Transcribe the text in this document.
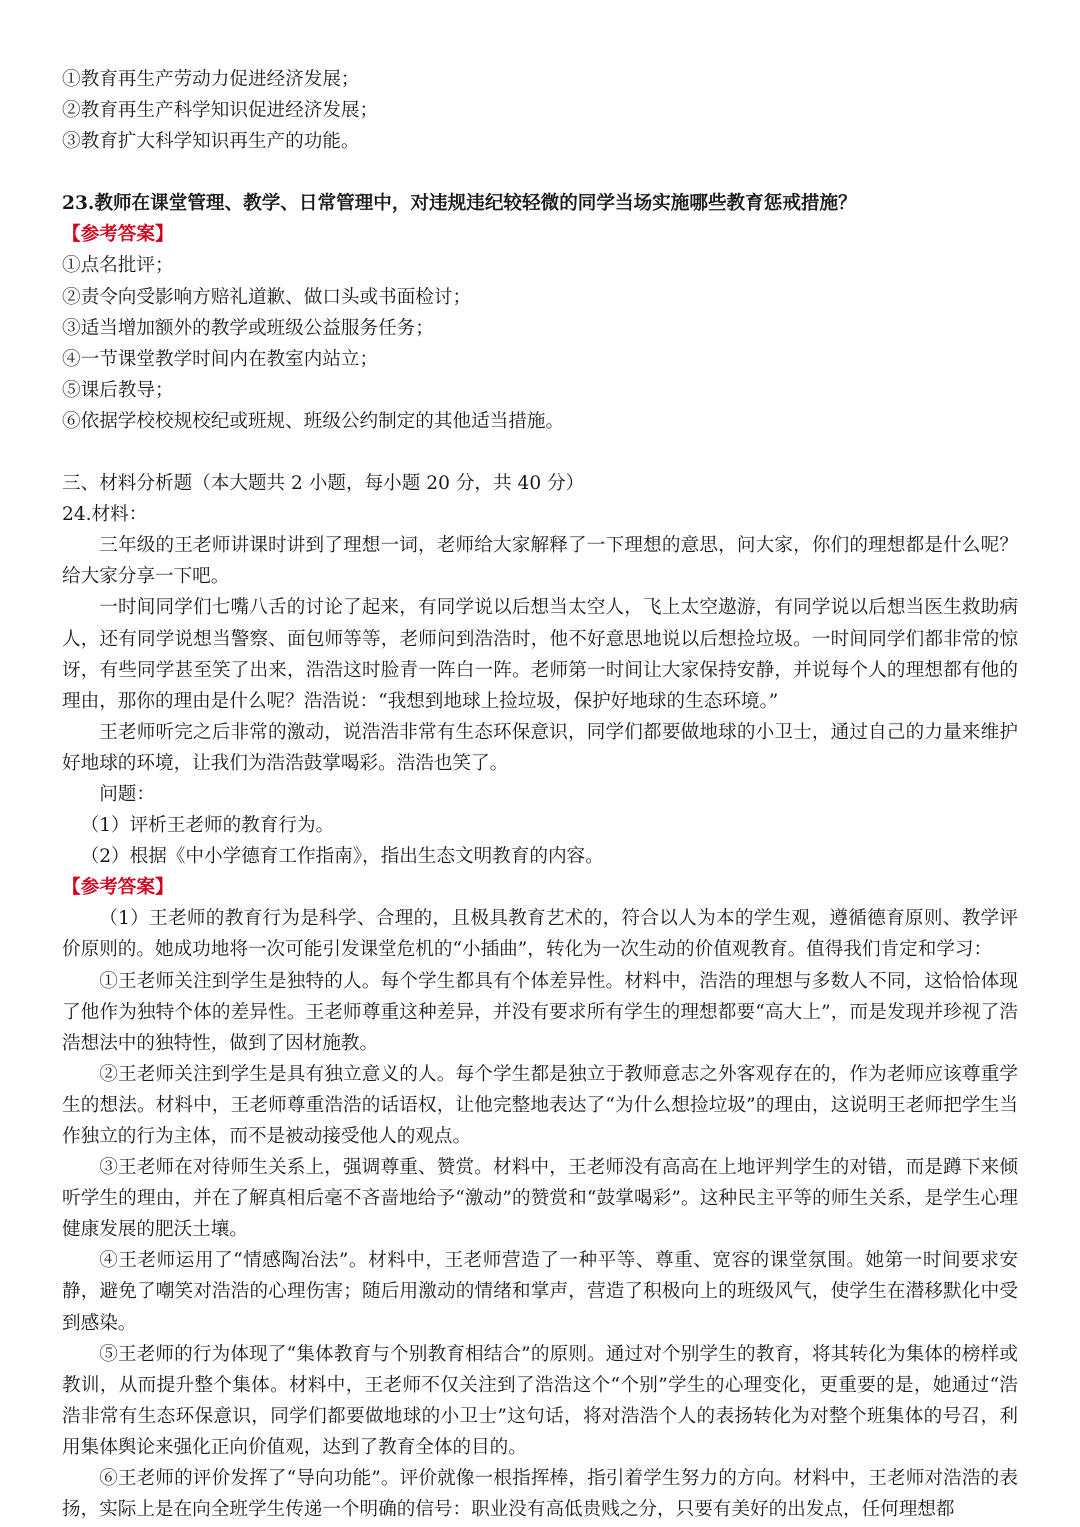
①教育再生产劳动力促进经济发展；

②教育再生产科学知识促进经济发展；

③教育扩大科学知识再生产的功能。

23.教师在课堂管理、教学、日常管理中，对违规违纪较轻微的同学当场实施哪些教育惩戒措施？

【参考答案】

①点名批评；

②责令向受影响方赔礼道歉、做口头或书面检讨；

③适当增加额外的教学或班级公益服务任务；

④一节课堂教学时间内在教室内站立；

⑤课后教导；

⑥依据学校校规校纪或班规、班级公约制定的其他适当措施。

三、材料分析题（本大题共 2 小题，每小题 20 分，共 40 分）

24.材料：

三年级的王老师讲课时讲到了理想一词，老师给大家解释了一下理想的意思，问大家，你们的理想都是什么呢？给大家分享一下吧。

一时间同学们七嘴八舌的讨论了起来，有同学说以后想当太空人，飞上太空遨游，有同学说以后想当医生救助病人，还有同学说想当警察、面包师等等，老师问到浩浩时，他不好意思地说以后想捡垃圾。一时间同学们都非常的惊讶，有些同学甚至笑了出来，浩浩这时脸青一阵白一阵。老师第一时间让大家保持安静，并说每个人的理想都有他的理由，那你的理由是什么呢？浩浩说：“我想到地球上捡垃圾，保护好地球的生态环境。”

王老师听完之后非常的激动，说浩浩非常有生态环保意识，同学们都要做地球的小卫士，通过自己的力量来维护好地球的环境，让我们为浩浩鼓掌喝彩。浩浩也笑了。

问题：

（1）评析王老师的教育行为。

（2）根据《中小学德育工作指南》，指出生态文明教育的内容。

【参考答案】

（1）王老师的教育行为是科学、合理的，且极具教育艺术的，符合以人为本的学生观，遵循德育原则、教学评价原则的。她成功地将一次可能引发课堂危机的“小插曲”，转化为一次生动的价值观教育。值得我们肯定和学习：

①王老师关注到学生是独特的人。每个学生都具有个体差异性。材料中，浩浩的理想与多数人不同，这恰恰体现了他作为独特个体的差异性。王老师尊重这种差异，并没有要求所有学生的理想都要“高大上”，而是发现并珍视了浩浩想法中的独特性，做到了因材施教。

②王老师关注到学生是具有独立意义的人。每个学生都是独立于教师意志之外客观存在的，作为老师应该尊重学生的想法。材料中，王老师尊重浩浩的话语权，让他完整地表达了“为什么想捡垃圾”的理由，这说明王老师把学生当作独立的行为主体，而不是被动接受他人的观点。

③王老师在对待师生关系上，强调尊重、赞赏。材料中，王老师没有高高在上地评判学生的对错，而是蹲下来倾听学生的理由，并在了解真相后毫不吝啬地给予“激动”的赞赏和“鼓掌喝彩”。这种民主平等的师生关系，是学生心理健康发展的肥沃土壤。

④王老师运用了“情感陶冶法”。材料中，王老师营造了一种平等、尊重、宽容的课堂氛围。她第一时间要求安静，避免了嘲笑对浩浩的心理伤害；随后用激动的情绪和掌声，营造了积极向上的班级风气，使学生在潜移默化中受到感染。

⑤王老师的行为体现了“集体教育与个别教育相结合”的原则。通过对个别学生的教育，将其转化为集体的榜样或教训，从而提升整个集体。材料中，王老师不仅关注到了浩浩这个“个别”学生的心理变化，更重要的是，她通过“浩浩非常有生态环保意识，同学们都要做地球的小卫士”这句话，将对浩浩个人的表扬转化为对整个班集体的号召，利用集体舆论来强化正向价值观，达到了教育全体的目的。

⑥王老师的评价发挥了“导向功能”。评价就像一根指挥棒，指引着学生努力的方向。材料中，王老师对浩浩的表扬，实际上是在向全班学生传递一个明确的信号：职业没有高低贵贱之分，只要有美好的出发点，任何理想都
